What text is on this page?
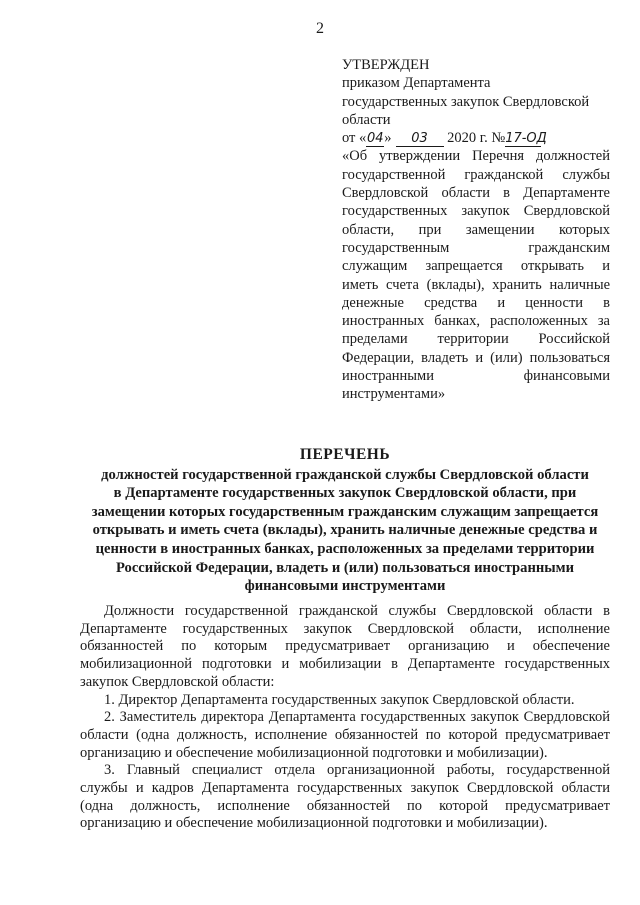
2
УТВЕРЖДЕН
приказом Департамента
государственных закупок Свердловской
области
от «04» 03 2020 г. №17-ОД
«Об утверждении Перечня должностей
государственной гражданской службы
Свердловской области в Департаменте
государственных закупок Свердловской
области, при замещении которых
государственным гражданским
служащим запрещается открывать и
иметь счета (вклады), хранить наличные
денежные средства и ценности в
иностранных банках, расположенных за
пределами территории Российской
Федерации, владеть и (или) пользоваться
иностранными финансовыми
инструментами»
ПЕРЕЧЕНЬ
должностей государственной гражданской службы Свердловской области
в Департаменте государственных закупок Свердловской области, при
замещении которых государственным гражданским служащим запрещается
открывать и иметь счета (вклады), хранить наличные денежные средства и
ценности в иностранных банках, расположенных за пределами территории
Российской Федерации, владеть и (или) пользоваться иностранными
финансовыми инструментами

Должности государственной гражданской службы Свердловской области в Департаменте государственных закупок Свердловской области, исполнение обязанностей по которым предусматривает организацию и обеспечение мобилизационной подготовки и мобилизации в Департаменте государственных закупок Свердловской области:

1. Директор Департамента государственных закупок Свердловской области.

2. Заместитель директора Департамента государственных закупок Свердловской области (одна должность, исполнение обязанностей по которой предусматривает организацию и обеспечение мобилизационной подготовки и мобилизации).

3. Главный специалист отдела организационной работы, государственной службы и кадров Департамента государственных закупок Свердловской области (одна должность, исполнение обязанностей по которой предусматривает организацию и обеспечение мобилизационной подготовки и мобилизации).
